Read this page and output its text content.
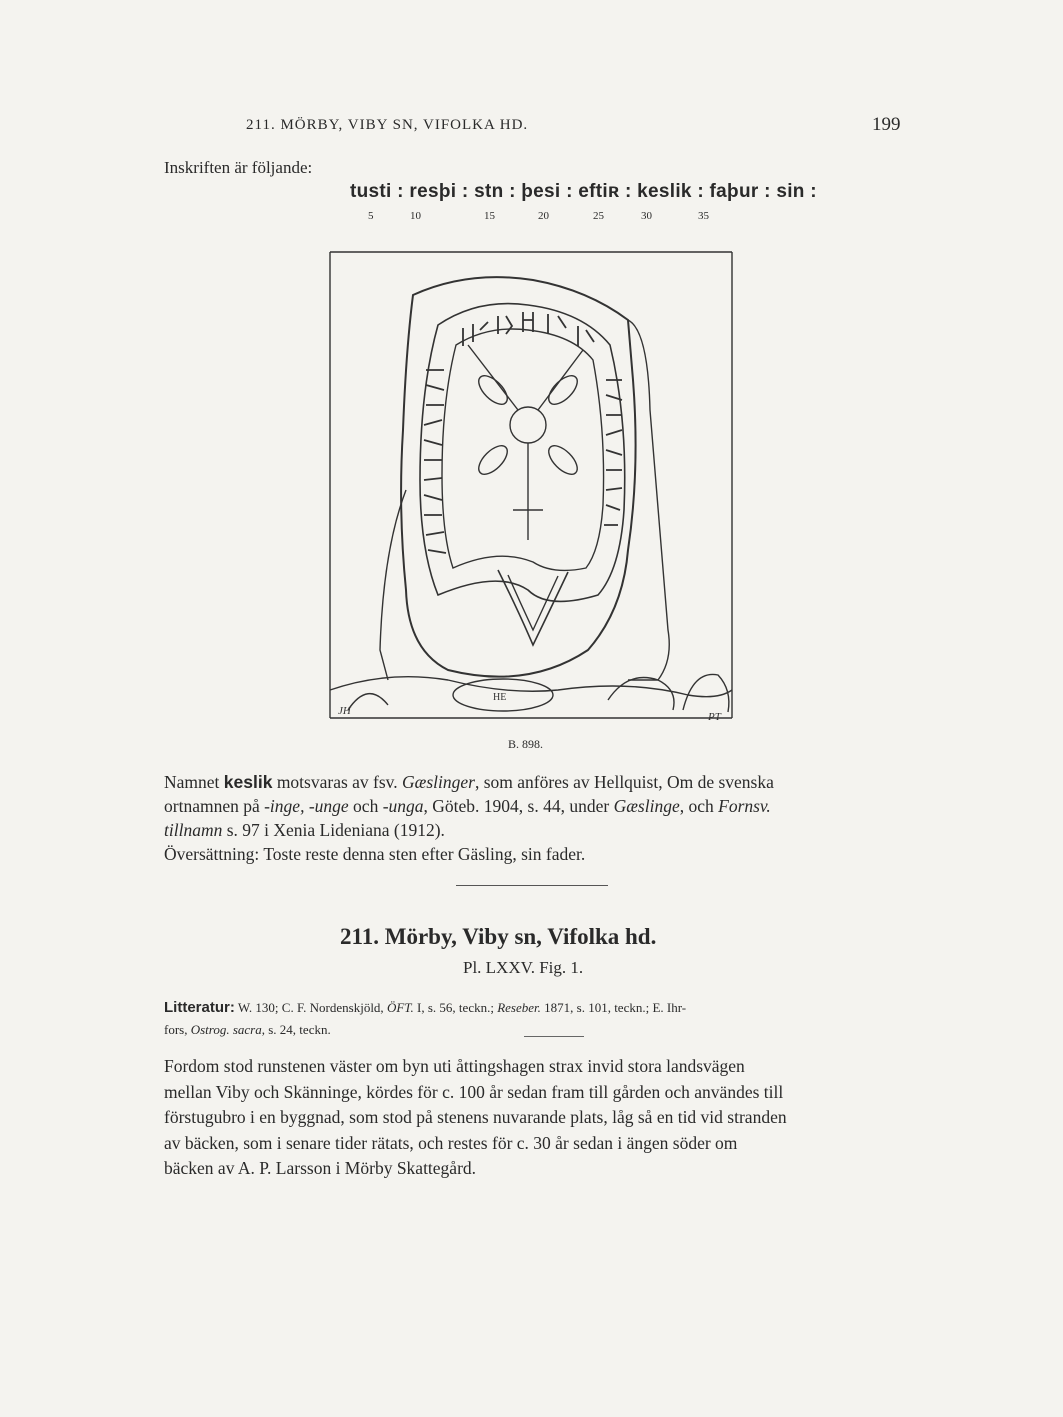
211. MÖRBY, VIBY SN, VIFOLKA HD.	199
Inskriften är följande:
tusti : resþi : stn : þesi : eftiʀ : keslik : faþur : sin :
5	10	15	20	25	30	35
JH
HE
PT
B. 898.
Namnet keslik motsvaras av fsv. Gæslinger, som anföres av Hellquist, Om de svenska
ortnamnen på -inge, -unge och -unga, Göteb. 1904, s. 44, under Gæslinge, och Fornsv.
tillnamn s. 97 i Xenia Lideniana (1912).
Översättning: Toste reste denna sten efter Gäsling, sin fader.
211. Mörby, Viby sn, Vifolka hd.
Pl. LXXV. Fig. 1.
Litteratur: W. 130; C. F. Nordenskjöld, ÖFT. I, s. 56, teckn.; Reseber. 1871, s. 101, teckn.; E. Ihr-
fors, Ostrog. sacra, s. 24, teckn.
Fordom stod runstenen väster om byn uti åttingshagen strax invid stora landsvägen
mellan Viby och Skänninge, kördes för c. 100 år sedan fram till gården och användes till
förstugubro i en byggnad, som stod på stenens nuvarande plats, låg så en tid vid stranden
av bäcken, som i senare tider rätats, och restes för c. 30 år sedan i ängen söder om
bäcken av A. P. Larsson i Mörby Skattegård.
